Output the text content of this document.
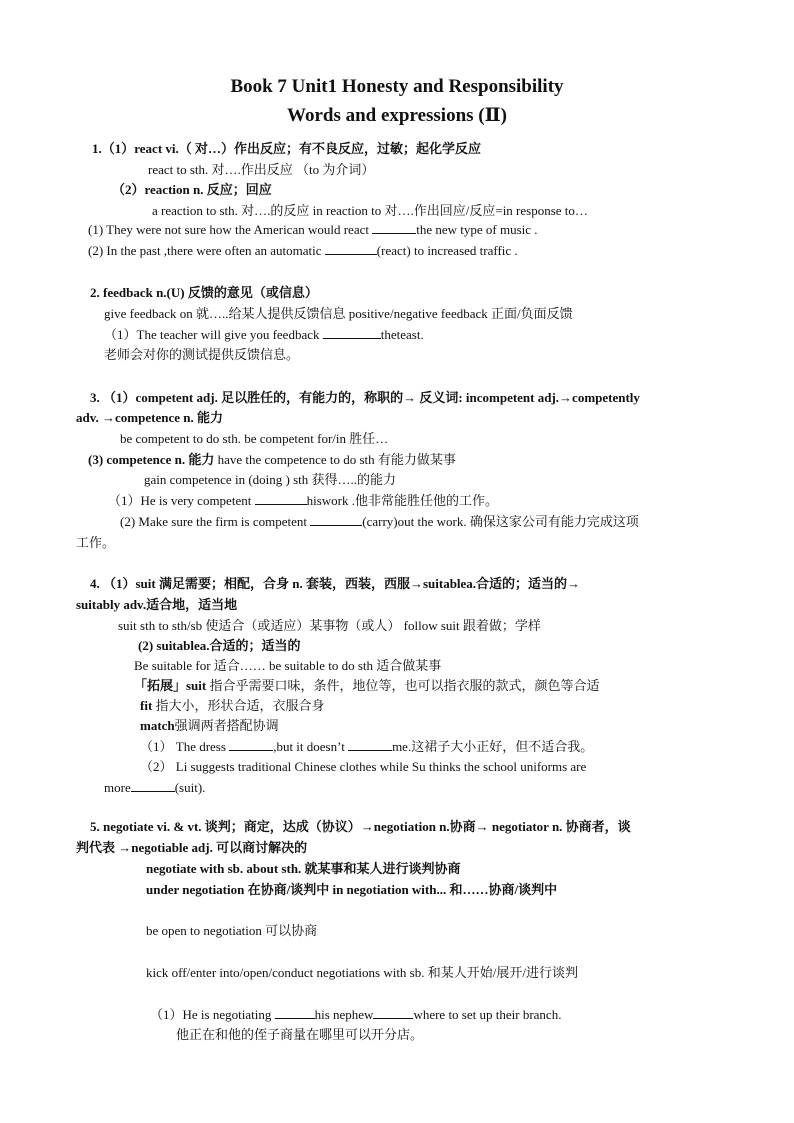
Book 7 Unit1 Honesty and Responsibility
Words and expressions (Ⅱ)
1.（1）react vi.（ 对…）作出反应；有不良反应，过敏；起化学反应
react to sth. 对….作出反应 （to 为介词）
（2）reaction n. 反应；回应
a reaction to sth. 对….的反应 in reaction to 对….作出回应/反应=in response to…
(1) They were not sure how the American would react	the new type of music .
(2) In the past ,there were often an automatic	(react) to increased traffic .
2. feedback n.(U) 反馈的意见（或信息）
give feedback on 就…..给某人提供反馈信息 positive/negative feedback 正面/负面反馈
（1）The teacher will give you feedback	theteast.
老师会对你的测试提供反馈信息。
3. （1）competent adj. 足以胜任的，有能力的，称职的→ 反义词: incompetent adj.→competently
adv. →competence n. 能力
be competent to do sth. be competent for/in 胜任…
(3) competence n. 能力 have the competence to do sth 有能力做某事
gain competence in (doing ) sth 获得…..的能力
（1）He is very competent	hiswork .他非常能胜任他的工作。
(2) Make sure the firm is competent	(carry)out the work. 确保这家公司有能力完成这项
工作。
4. （1）suit 满足需要；相配，合身 n. 套装，西装，西服→suitablea.合适的；适当的→
suitably adv.适合地，适当地
suit sth to sth/sb 使适合（或适应）某事物（或人） follow suit 跟着做；学样
(2) suitablea.合适的；适当的
Be suitable for 适合…… be suitable to do sth 适合做某事
「拓展」suit 指合乎需要口味，条件，地位等，也可以指衣服的款式，颜色等合适
fit 指大小，形状合适，衣服合身
match强调两者搭配协调
（1） The dress	,but it doesn’t	me.这裙子大小正好，但不适合我。
（2） Li suggests traditional Chinese clothes while Su thinks the school uniforms are
more	(suit).
5. negotiate vi. & vt. 谈判；商定，达成（协议）→negotiation n.协商→ negotiator n. 协商者，谈
判代表 →negotiable adj. 可以商讨解决的
negotiate with sb. about sth. 就某事和某人进行谈判协商
under negotiation 在协商/谈判中 in negotiation with... 和……协商/谈判中
be open to negotiation 可以协商
kick off/enter into/open/conduct negotiations with sb. 和某人开始/展开/进行谈判
（1）He is negotiating	his nephew	where to set up their branch.
他正在和他的侄子商量在哪里可以开分店。
